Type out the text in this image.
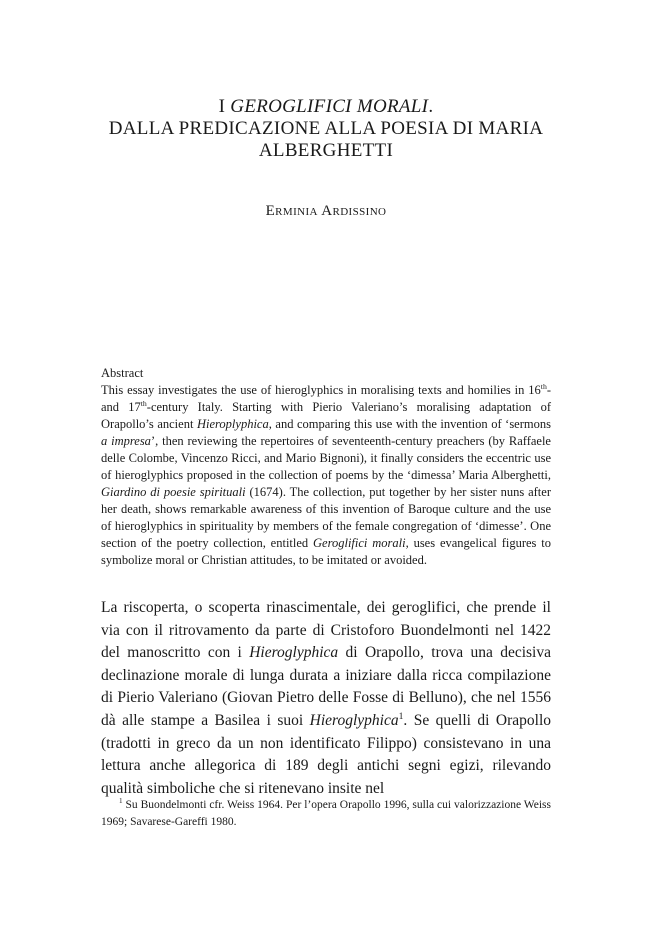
I GEROGLIFICI MORALI.
DALLA PREDICAZIONE ALLA POESIA DI MARIA
ALBERGHETTI
Erminia Ardissino
Abstract

This essay investigates the use of hieroglyphics in moralising texts and homilies in 16th- and 17th-century Italy. Starting with Pierio Valeriano’s moralising adaptation of Orapollo’s ancient Hieroplyphica, and comparing this use with the invention of ‘sermons a impresa’, then reviewing the repertoires of seventeenth-century preachers (by Raffaele delle Colombe, Vincenzo Ricci, and Mario Bignoni), it finally considers the eccentric use of hieroglyphics proposed in the collection of poems by the ‘dimessa’ Maria Alberghetti, Giardino di poesie spirituali (1674). The collection, put together by her sister nuns after her death, shows remarkable awareness of this invention of Baroque culture and the use of hieroglyphics in spirituality by members of the female congregation of ‘dimesse’. One section of the poetry collection, entitled Geroglifici morali, uses evangelical figures to symbolize moral or Christian attitudes, to be imitated or avoided.

La riscoperta, o scoperta rinascimentale, dei geroglifici, che prende il via con il ritrovamento da parte di Cristoforo Buondelmonti nel 1422 del manoscritto con i Hieroglyphica di Orapollo, trova una decisiva declinazione morale di lunga durata a iniziare dalla ricca compilazione di Pierio Valeriano (Giovan Pietro delle Fosse di Belluno), che nel 1556 dà alle stampe a Basilea i suoi Hieroglyphica$^1$. Se quelli di Orapollo (tradotti in greco da un non identificato Filippo) consistevano in una lettura anche allegorica di 189 degli antichi segni egizi, rilevando qualità simboliche che si ritenevano insite nel

$^1$ Su Buondelmonti cfr. Weiss 1964. Per l’opera Orapollo 1996, sulla cui valorizzazione Weiss 1969; Savarese-Gareffi 1980.
